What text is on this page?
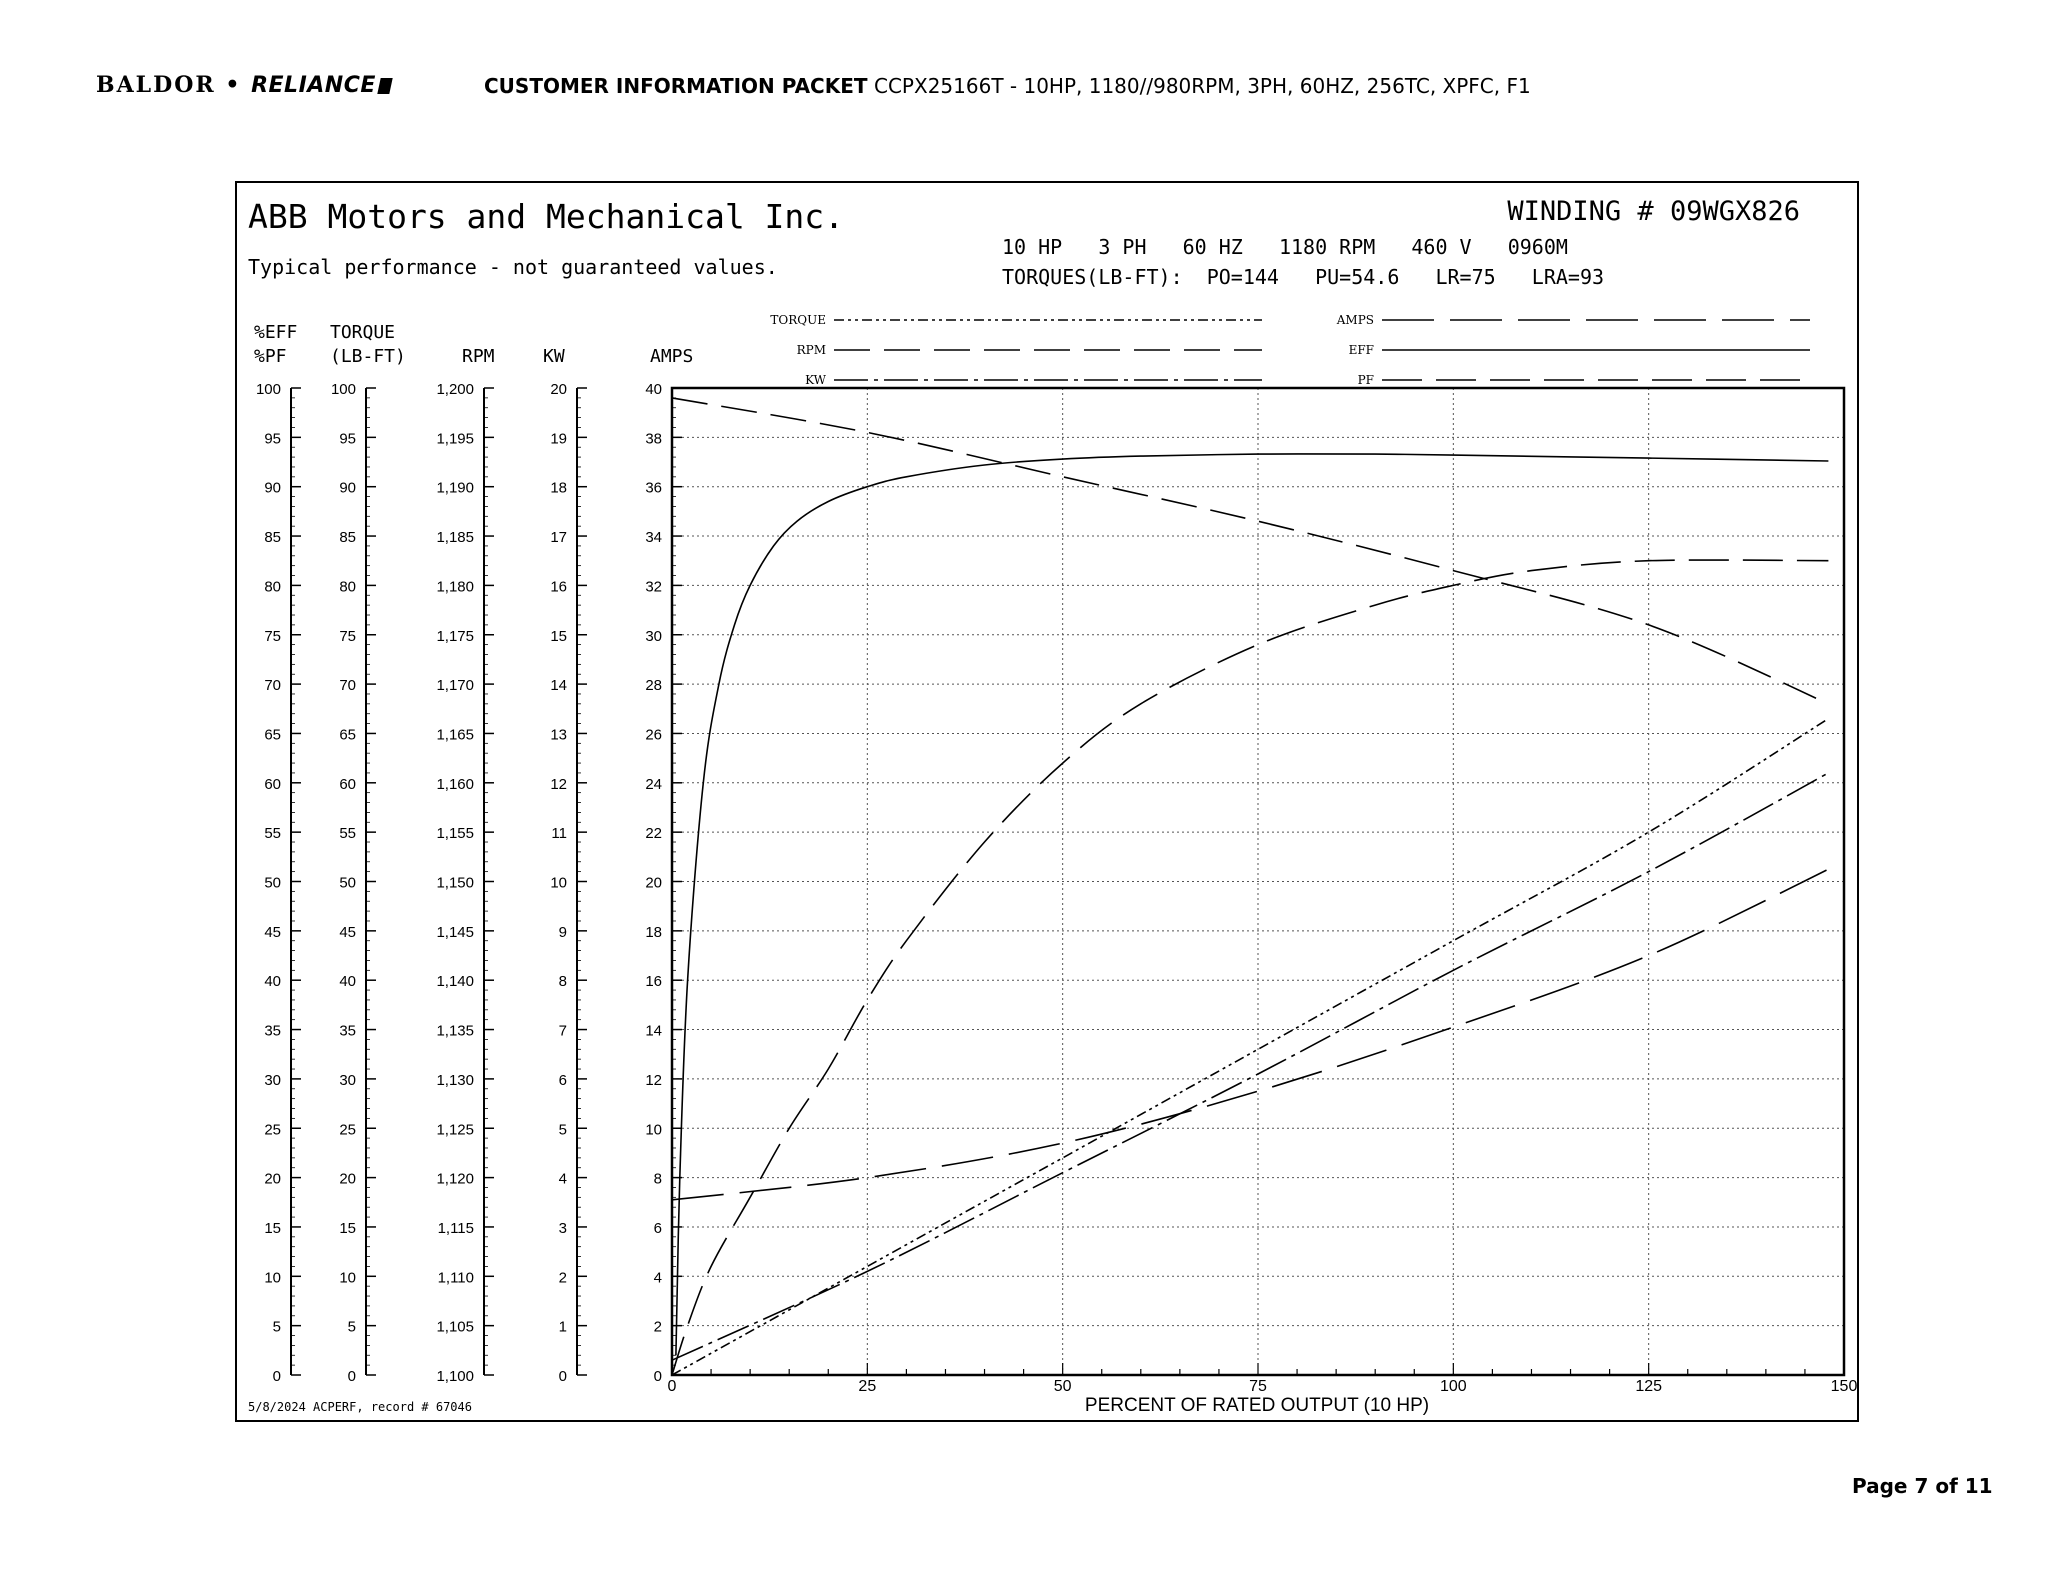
BALDOR • RELIANCE	CUSTOMER INFORMATION PACKET CCPX25166T - 10HP, 1180//980RPM, 3PH, 60HZ, 256TC, XPFC, F1
ABB Motors and Mechanical Inc.
Typical performance - not guaranteed values.
WINDING # 09WGX826
10 HP   3 PH   60 HZ   1180 RPM   460 V   0960M
TORQUES(LB-FT):  PO=144   PU=54.6   LR=75   LRA=93
5/8/2024 ACPERF, record # 67046	PERCENT OF RATED OUTPUT (10 HP)
0
5
10
15
20
25
30
35
40
45
50
55
60
65
70
75
80
85
90
95
100
%EFF
%PF
0
5
10
15
20
25
30
35
40
45
50
55
60
65
70
75
80
85
90
95
100
TORQUE
(LB-FT)
1,100
1,105
1,110
1,115
1,120
1,125
1,130
1,135
1,140
1,145
1,150
1,155
1,160
1,165
1,170
1,175
1,180
1,185
1,190
1,195
1,200
RPM
0
1
2
3
4
5
6
7
8
9
10
11
12
13
14
15
16
17
18
19
20
KW
0
2
4
6
8
10
12
14
16
18
20
22
24
26
28
30
32
34
36
38
40
AMPS
0	25	50	75	100	125	150
TORQUE
RPM
KW
AMPS
EFF
PF
Page 7 of 11
